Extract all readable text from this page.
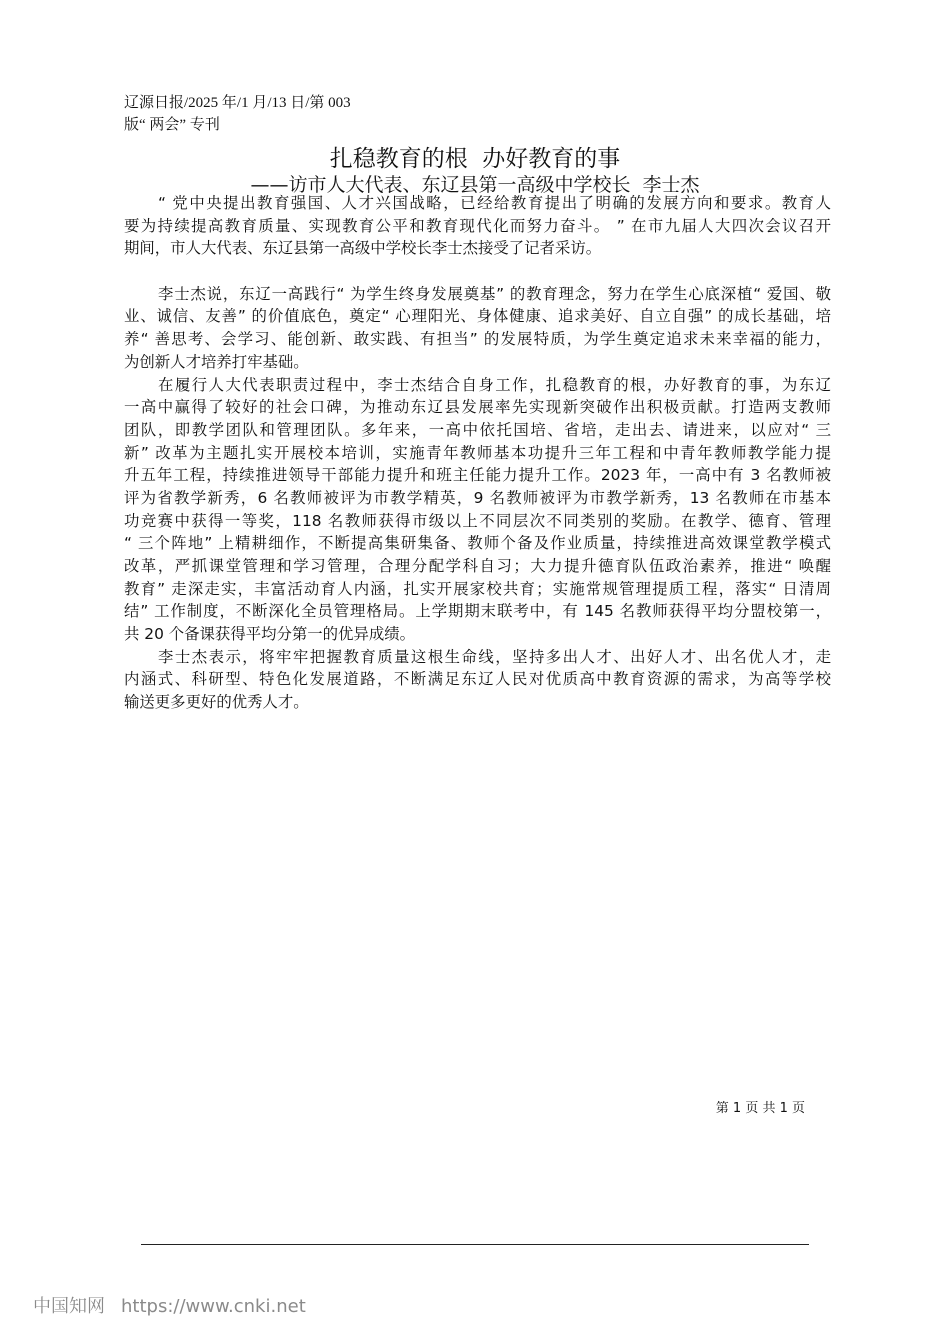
辽源日报/2025 年/1 月/13 日/第 003
版“ 两会” 专刊
扎稳教育的根  办好教育的事
——访市人大代表、东辽县第一高级中学校长  李士杰
“ 党中央提出教育强国、人才兴国战略，已经给教育提出了明确的发展方向和要求。教育人
要为持续提高教育质量、实现教育公平和教育现代化而努力奋斗。 ” 在市九届人大四次会议召开
期间，市人大代表、东辽县第一高级中学校长李士杰接受了记者采访。
李士杰说，东辽一高践行“ 为学生终身发展奠基” 的教育理念，努力在学生心底深植“ 爱国、敬
业、诚信、友善” 的价值底色，奠定“ 心理阳光、身体健康、追求美好、自立自强” 的成长基础，培
养“ 善思考、会学习、能创新、敢实践、有担当” 的发展特质，为学生奠定追求未来幸福的能力，
为创新人才培养打牢基础。
在履行人大代表职责过程中，李士杰结合自身工作，扎稳教育的根，办好教育的事，为东辽
一高中赢得了较好的社会口碑，为推动东辽县发展率先实现新突破作出积极贡献。打造两支教师
团队，即教学团队和管理团队。多年来，一高中依托国培、省培，走出去、请进来，以应对“ 三
新” 改革为主题扎实开展校本培训，实施青年教师基本功提升三年工程和中青年教师教学能力提
升五年工程，持续推进领导干部能力提升和班主任能力提升工作。2023 年，一高中有 3 名教师被
评为省教学新秀，6 名教师被评为市教学精英，9 名教师被评为市教学新秀，13 名教师在市基本
功竞赛中获得一等奖，118 名教师获得市级以上不同层次不同类别的奖励。在教学、德育、管理
“ 三个阵地” 上精耕细作，不断提高集研集备、教师个备及作业质量，持续推进高效课堂教学模式
改革，严抓课堂管理和学习管理，合理分配学科自习；大力提升德育队伍政治素养，推进“ 唤醒
教育” 走深走实，丰富活动育人内涵，扎实开展家校共育；实施常规管理提质工程，落实“ 日清周
结” 工作制度，不断深化全员管理格局。上学期期末联考中，有 145 名教师获得平均分盟校第一，
共 20 个备课获得平均分第一的优异成绩。
李士杰表示，将牢牢把握教育质量这根生命线，坚持多出人才、出好人才、出名优人才，走
内涵式、科研型、特色化发展道路，不断满足东辽人民对优质高中教育资源的需求，为高等学校
输送更多更好的优秀人才。
第 1 页 共 1 页
中国知网 https://www.cnki.net
